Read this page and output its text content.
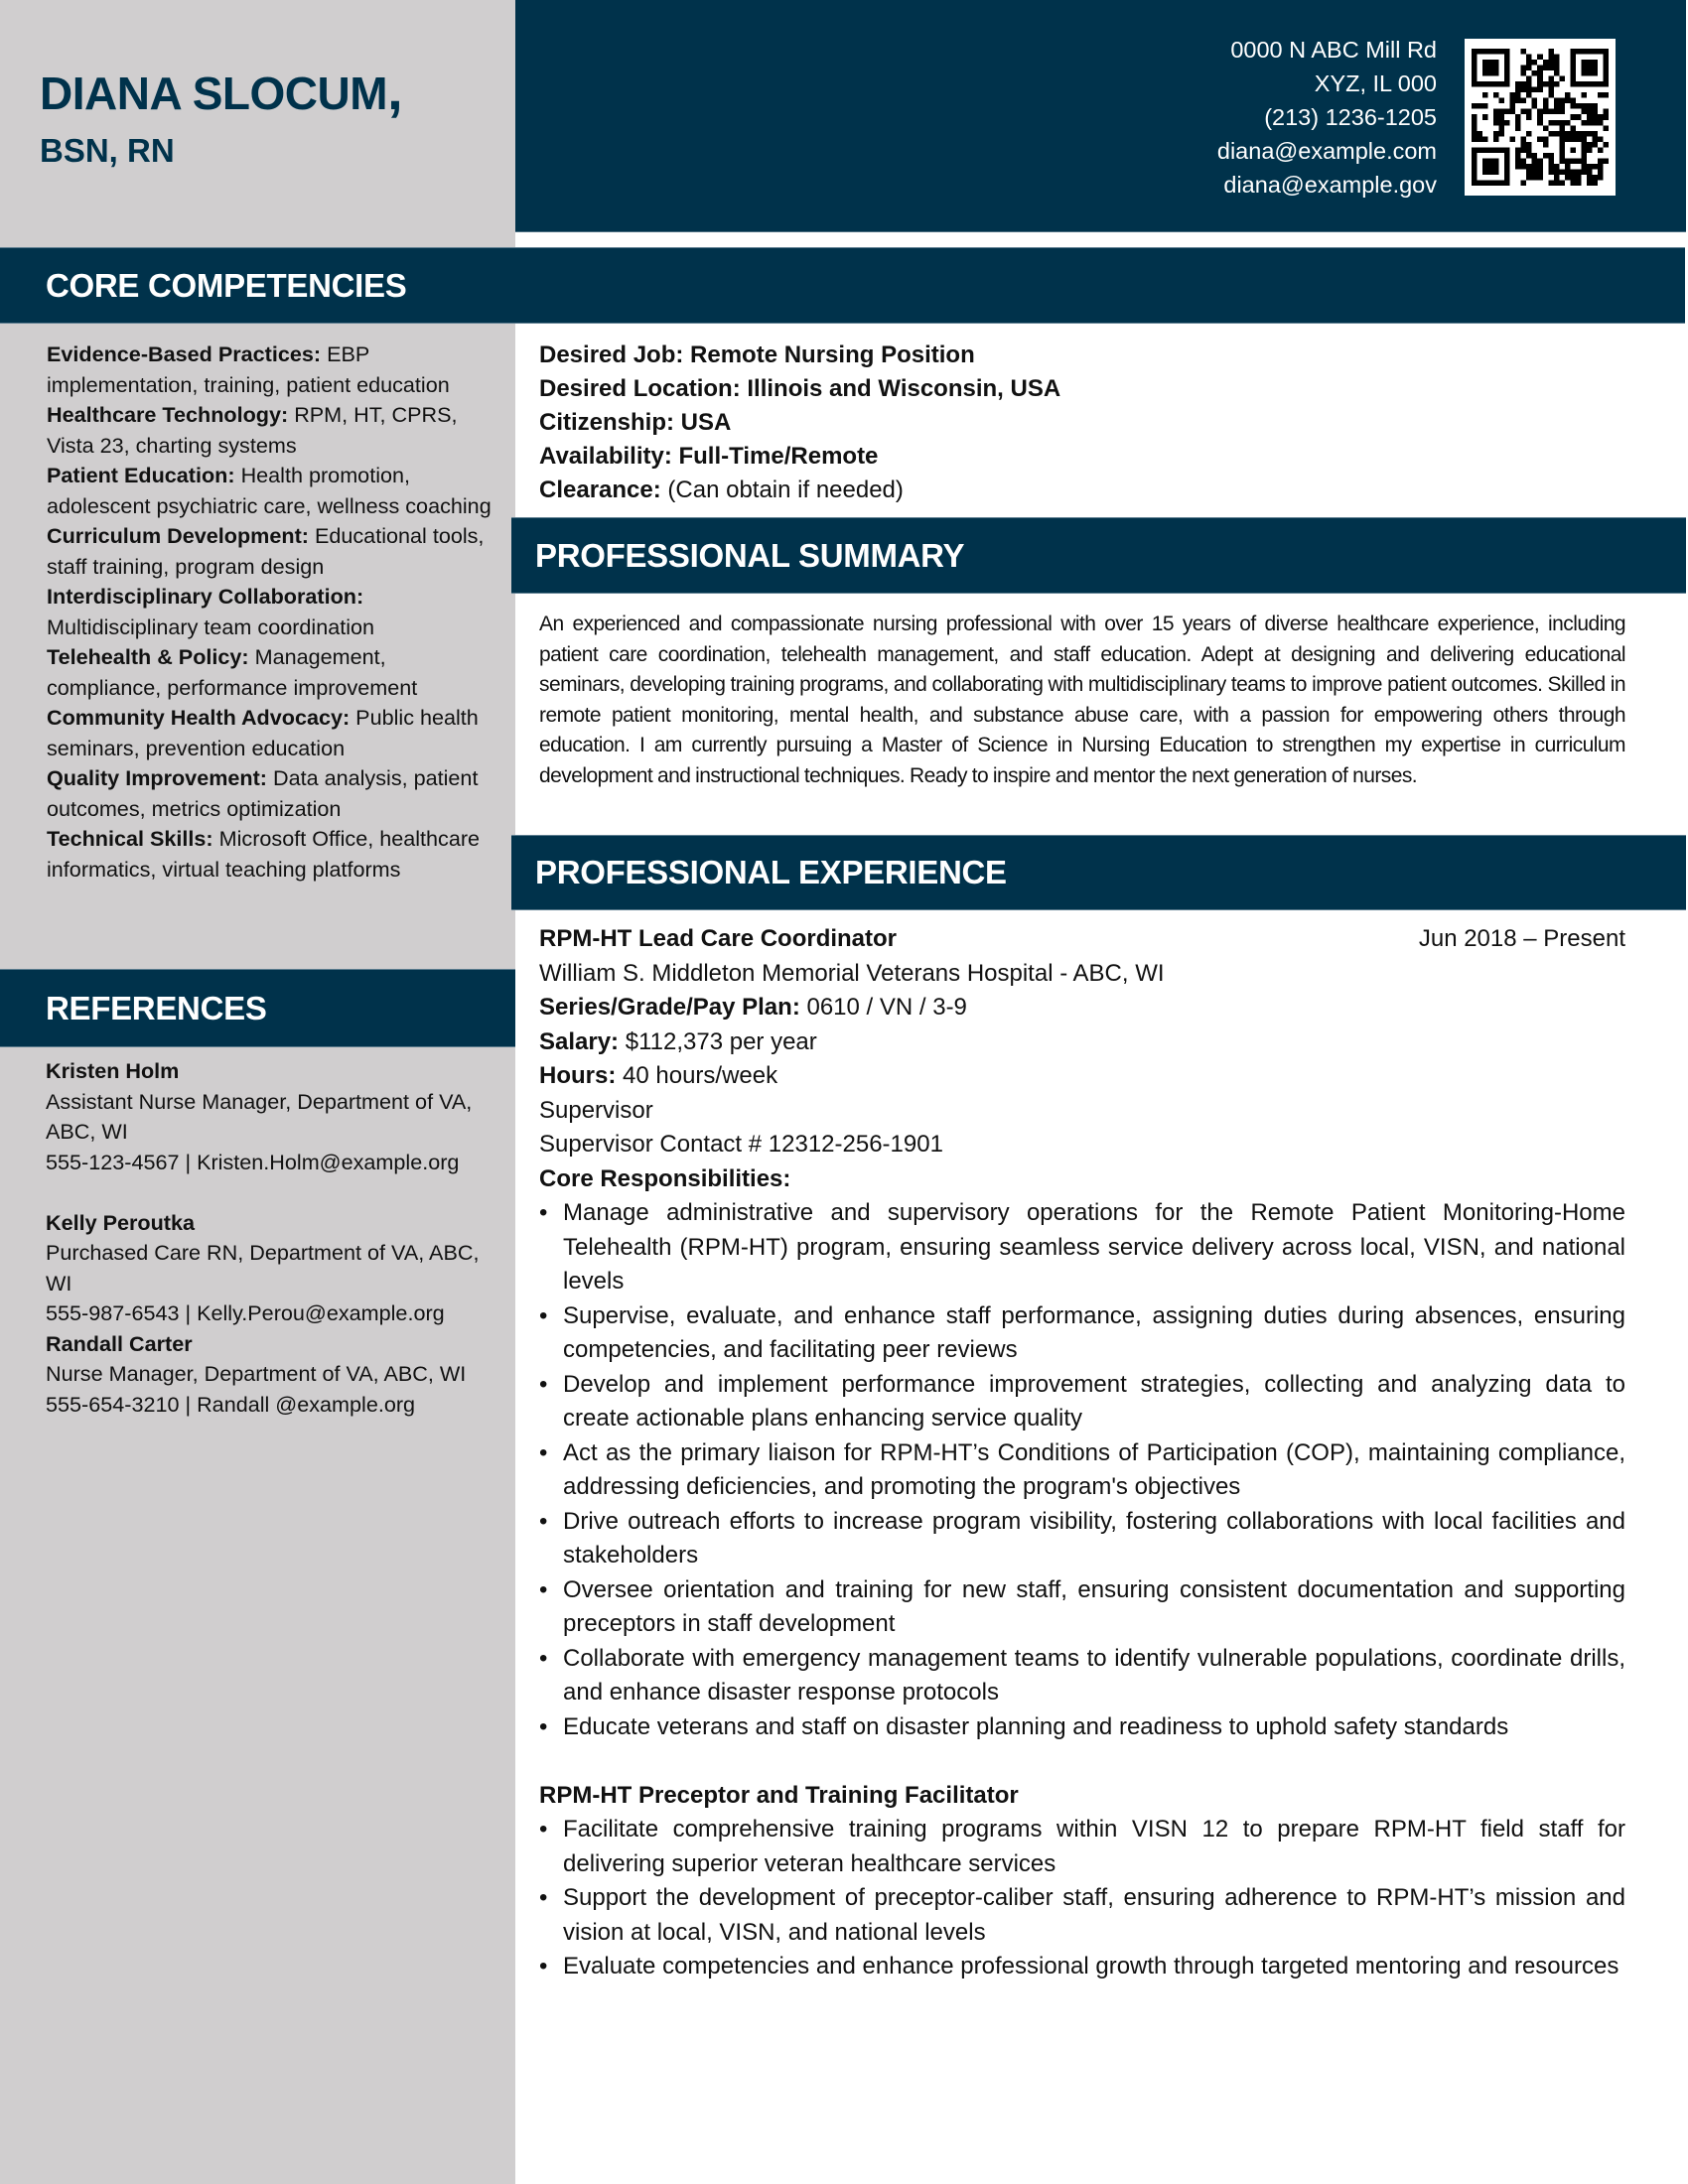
DIANA SLOCUM,
BSN, RN
0000 N ABC Mill Rd
XYZ, IL 000
(213) 1236-1205
diana@example.com
diana@example.gov
CORE COMPETENCIES
PROFESSIONAL SUMMARY
PROFESSIONAL EXPERIENCE
REFERENCES
Evidence-Based Practices: EBP implementation, training, patient education
Healthcare Technology: RPM, HT, CPRS, Vista 23, charting systems
Patient Education: Health promotion, adolescent psychiatric care, wellness coaching
Curriculum Development: Educational tools, staff training, program design
Interdisciplinary Collaboration: Multidisciplinary team coordination
Telehealth & Policy: Management, compliance, performance improvement
Community Health Advocacy: Public health seminars, prevention education
Quality Improvement: Data analysis, patient outcomes, metrics optimization
Technical Skills: Microsoft Office, healthcare informatics, virtual teaching platforms
Kristen Holm
Assistant Nurse Manager, Department of VA, ABC, WI
555-123-4567 | Kristen.Holm@example.org
Kelly Peroutka
Purchased Care RN, Department of VA, ABC, WI
555-987-6543 | Kelly.Perou@example.org
Randall Carter
Nurse Manager, Department of VA, ABC, WI
555-654-3210 | Randall @example.org
Desired Job: Remote Nursing Position
Desired Location: Illinois and Wisconsin, USA
Citizenship: USA
Availability: Full-Time/Remote
Clearance: (Can obtain if needed)
An experienced and compassionate nursing professional with over 15 years of diverse healthcare experience, including patient care coordination, telehealth management, and staff education. Adept at designing and delivering educational seminars, developing training programs, and collaborating with multidisciplinary teams to improve patient outcomes. Skilled in remote patient monitoring, mental health, and substance abuse care, with a passion for empowering others through education. I am currently pursuing a Master of Science in Nursing Education to strengthen my expertise in curriculum development and instructional techniques. Ready to inspire and mentor the next generation of nurses.
RPM-HT Lead Care Coordinator	Jun 2018 – Present
William S. Middleton Memorial Veterans Hospital - ABC, WI
Series/Grade/Pay Plan: 0610 / VN / 3-9
Salary: $112,373 per year
Hours: 40 hours/week
Supervisor
Supervisor Contact # 12312-256-1901
Core Responsibilities:
• Manage administrative and supervisory operations for the Remote Patient Monitoring-Home Telehealth (RPM-HT) program, ensuring seamless service delivery across local, VISN, and national levels
• Supervise, evaluate, and enhance staff performance, assigning duties during absences, ensuring competencies, and facilitating peer reviews
• Develop and implement performance improvement strategies, collecting and analyzing data to create actionable plans enhancing service quality
• Act as the primary liaison for RPM-HT’s Conditions of Participation (COP), maintaining compliance, addressing deficiencies, and promoting the program's objectives
• Drive outreach efforts to increase program visibility, fostering collaborations with local facilities and stakeholders
• Oversee orientation and training for new staff, ensuring consistent documentation and supporting preceptors in staff development
• Collaborate with emergency management teams to identify vulnerable populations, coordinate drills, and enhance disaster response protocols
• Educate veterans and staff on disaster planning and readiness to uphold safety standards
RPM-HT Preceptor and Training Facilitator
• Facilitate comprehensive training programs within VISN 12 to prepare RPM-HT field staff for delivering superior veteran healthcare services
• Support the development of preceptor-caliber staff, ensuring adherence to RPM-HT’s mission and vision at local, VISN, and national levels
• Evaluate competencies and enhance professional growth through targeted mentoring and resources
